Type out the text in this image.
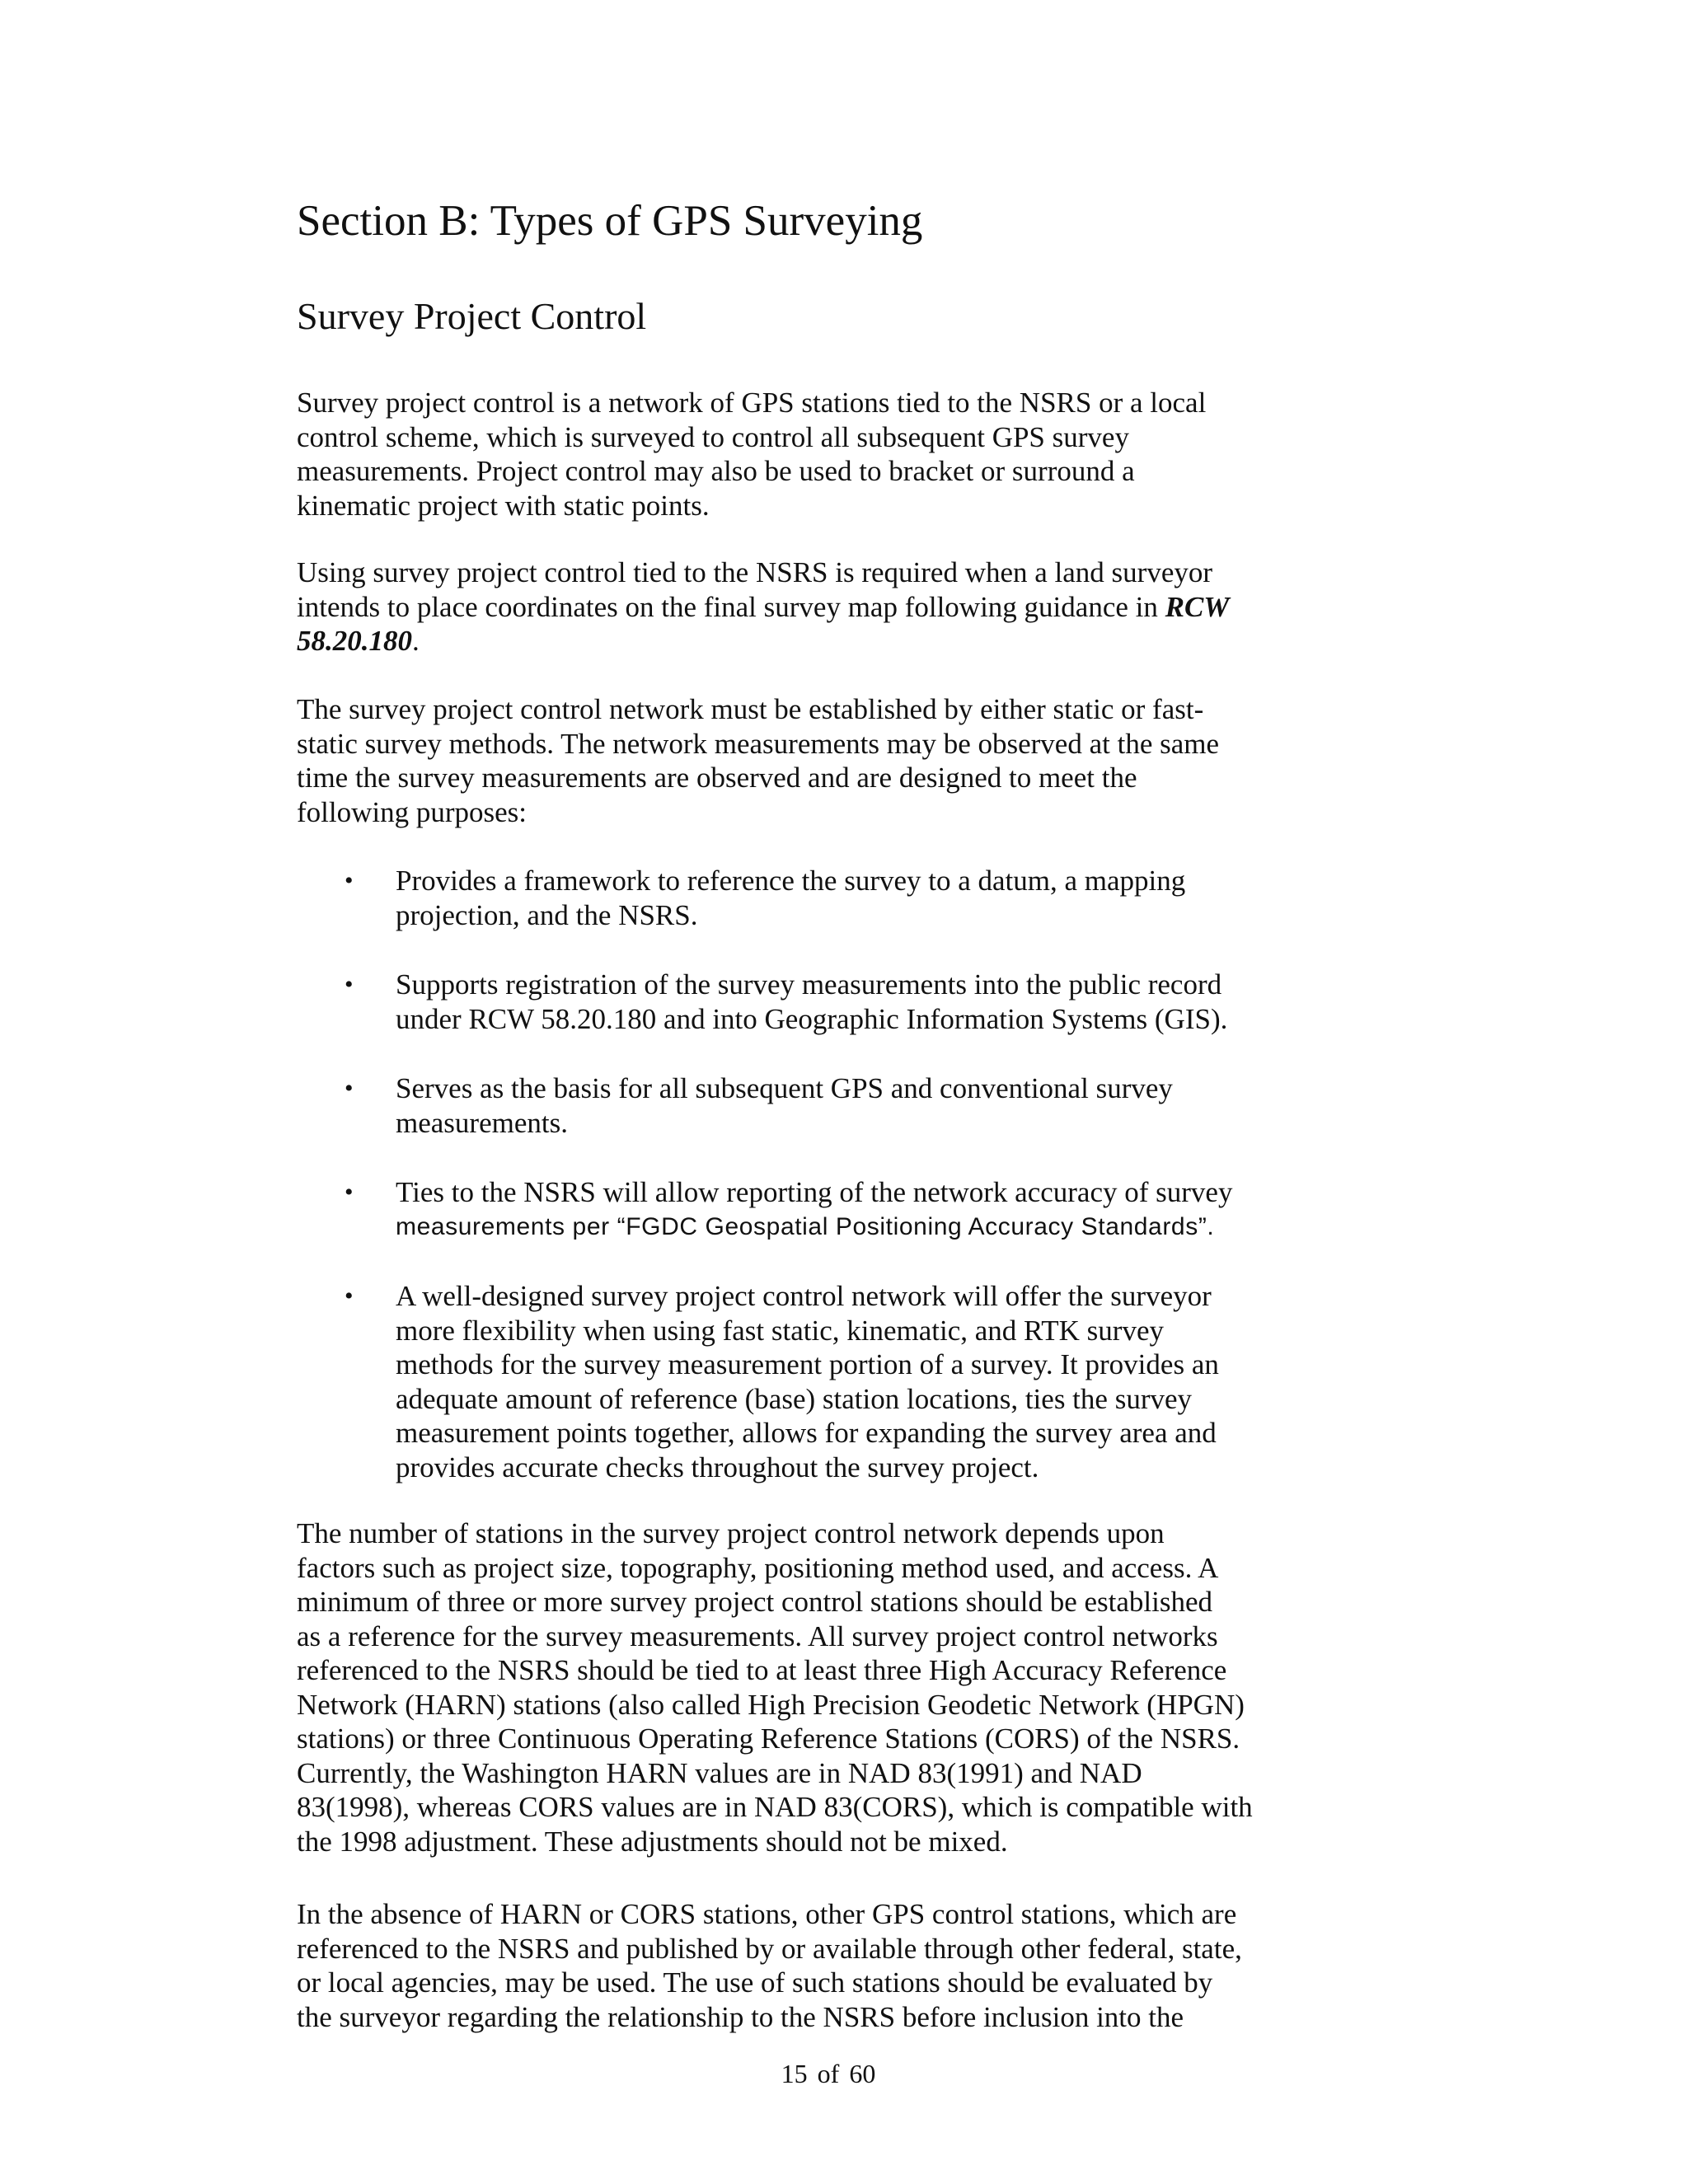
Section B: Types of GPS Surveying
Survey Project Control

Survey project control is a network of GPS stations tied to the NSRS or a local
control scheme, which is surveyed to control all subsequent GPS survey
measurements. Project control may also be used to bracket or surround a
kinematic project with static points.

Using survey project control tied to the NSRS is required when a land surveyor
intends to place coordinates on the final survey map following guidance in RCW
58.20.180.

The survey project control network must be established by either static or fast-
static survey methods. The network measurements may be observed at the same
time the survey measurements are observed and are designed to meet the
following purposes:

• Provides a framework to reference the survey to a datum, a mapping
projection, and the NSRS.
• Supports registration of the survey measurements into the public record
under RCW 58.20.180 and into Geographic Information Systems (GIS).
• Serves as the basis for all subsequent GPS and conventional survey
measurements.
• Ties to the NSRS will allow reporting of the network accuracy of survey
measurements per “FGDC Geospatial Positioning Accuracy Standards”.
• A well-designed survey project control network will offer the surveyor
more flexibility when using fast static, kinematic, and RTK survey
methods for the survey measurement portion of a survey. It provides an
adequate amount of reference (base) station locations, ties the survey
measurement points together, allows for expanding the survey area and
provides accurate checks throughout the survey project.

The number of stations in the survey project control network depends upon
factors such as project size, topography, positioning method used, and access. A
minimum of three or more survey project control stations should be established
as a reference for the survey measurements. All survey project control networks
referenced to the NSRS should be tied to at least three High Accuracy Reference
Network (HARN) stations (also called High Precision Geodetic Network (HPGN)
stations) or three Continuous Operating Reference Stations (CORS) of the NSRS.
Currently, the Washington HARN values are in NAD 83(1991) and NAD
83(1998), whereas CORS values are in NAD 83(CORS), which is compatible with
the 1998 adjustment. These adjustments should not be mixed.

In the absence of HARN or CORS stations, other GPS control stations, which are
referenced to the NSRS and published by or available through other federal, state,
or local agencies, may be used. The use of such stations should be evaluated by
the surveyor regarding the relationship to the NSRS before inclusion into the

15 of 60
